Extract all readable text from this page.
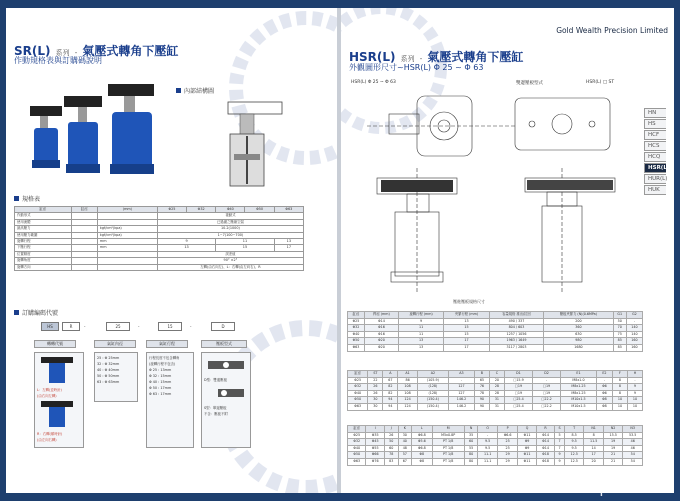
SR(L) 系列 - 氣壓式轉角下壓缸
作動規格表與訂購碼說明
內部結構圖
規格表
缸徑	缸徑	(mm)	Φ25	Φ32	Φ40	Φ50	Φ63
作動形式			複動式				
使用流體			已過濾之壓縮空氣				
最高壓力		kgf/cm²(kpa)	10.2(1000)				
使用壓力範圍		kgf/cm²(kpa)	1~7(100~700)				
旋轉行程		mm	9		11		13
下壓行程		mm	13		15		17
位置精度			誤差值				
旋轉角度			90° ±2°				
旋轉方向			左轉(由右向左)、L：右轉(由左向右)、R				
訂購編碼代號
HS	R	-	25	-	15	-	D
轉轉代號	氣缸內徑	氣缸行程	壓板型式
L：左轉(逆時針)
(由右向左轉)
R：右轉(順時針)
(由左向右轉)
25 : Φ 25mm
32 : Φ 32mm
40 : Φ 40mm
50 : Φ 50mm
63 : Φ 63mm
行程長度不包含轉角
(旋轉行程不包含)
Φ 25 : 13mm
Φ 32 : 15mm
Φ 40 : 15mm
Φ 50 : 17mm
Φ 63 : 17mm
D型：雙邊壓板
S型：單邊壓板
不含：壓板不附
Gold Wealth Precision Limited
HSR(L) 系列 - 氣壓式轉角下壓缸
外觀圖形尺寸~HSR(L) Φ 25 ~ Φ 63
HSR(L) Φ 25 ~ Φ 63	雙邊壓板型式	HSR(L) □ ST
壓進壓板規格尺寸
HN
HS
HCF
HCS
HCQ
HSR(L)
HUR(L)
HUK
缸徑	桿徑 (mm)	旋轉行程 (mm)	夾緊行程 (mm)	容量規格 推出/拉回	壓板夾緊力 (N)(0.6MPa)	G1	G2
Φ25	Φ14	9	13	490 / 337	200	50	-
Φ32	Φ16	11	15	804 / 603	360	70	140
Φ40	Φ16	11	15	1257 / 1056	630	75	140
Φ50	Φ20	13	17	1963 / 1649	980	85	160
Φ63	Φ20	13	17	3117 / 2803	1680	85	160
缸徑	ST	A	A1	A2	A3	B	C	D1	D2	E1	E2	F	H
Φ25	22	67	86	(105.9)	-	65	20	□15.9	-	M8x1.0	-	8	-
Φ32	26	82	108	(128)	127	76	28	□19	□19	M8x1.25	Φ6	8	9
Φ40	26	82	108	(128)	127	78	28	□19	□19	M8x1.25	Φ6	8	9
Φ50	30	94	124	(150.4)	146.2	90	31	□25.4	□22.2	M10x1.5	Φ8	10	10
Φ63	30	94	124	(150.4)	146.2	90	31	□25.4	□22.2	M10x1.5	Φ8	10	10
缸徑	I	J	K	L	M	N	O	P	Q	R	S	T	N1	N2	N3
Φ25	Φ35	26	30	Φ6.8	M5x0.8P	35	-	Φ6.6	Φ11	Φ14	5	8.5	8	15.5	53.5
Φ32	Φ45	50	40	Φ5.6	PT 1/8	60	9.5	25	Φ9	Φ14	7	9.5	11.5	19	46
Φ40	Φ55	60	48	Φ6.8	PT 1/8	55	9.5	25	Φ9	Φ14	7	9.5	14	19	46
Φ50	Φ66	78	57	Φ8	PT 1/8	80	11.1	29	Φ11	Φ18	9	12.5	17	21	54
Φ63	Φ76	83	67	Φ8	PT 1/8	80	11.1	29	Φ11	Φ18	9	12.5	20	21	54
china.makepolo.com
